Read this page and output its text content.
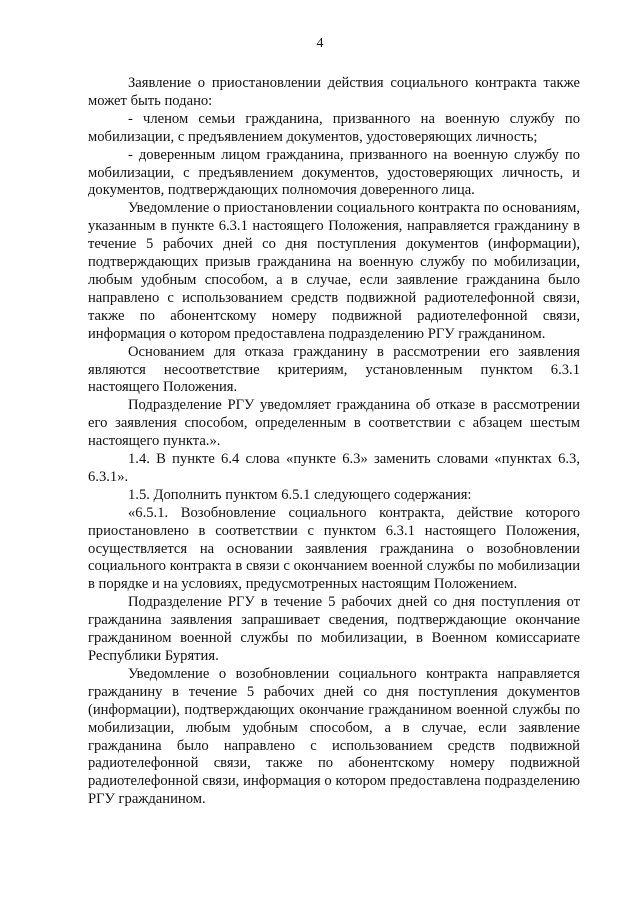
4

Заявление о приостановлении действия социального контракта также может быть подано:

- членом семьи гражданина, призванного на военную службу по мобилизации, с предъявлением документов, удостоверяющих личность;

- доверенным лицом гражданина, призванного на военную службу по мобилизации, с предъявлением документов, удостоверяющих личность, и документов, подтверждающих полномочия доверенного лица.

Уведомление о приостановлении социального контракта по основаниям, указанным в пункте 6.3.1 настоящего Положения, направляется гражданину в течение 5 рабочих дней со дня поступления документов (информации), подтверждающих призыв гражданина на военную службу по мобилизации, любым удобным способом, а в случае, если заявление гражданина было направлено с использованием средств подвижной радиотелефонной связи, также по абонентскому номеру подвижной радиотелефонной связи, информация о котором предоставлена подразделению РГУ гражданином.

Основанием для отказа гражданину в рассмотрении его заявления являются несоответствие критериям, установленным пунктом 6.3.1 настоящего Положения.

Подразделение РГУ уведомляет гражданина об отказе в рассмотрении его заявления способом, определенным в соответствии с абзацем шестым настоящего пункта.».

1.4. В пункте 6.4 слова «пункте 6.3» заменить словами «пунктах 6.3, 6.3.1».

1.5. Дополнить пунктом 6.5.1 следующего содержания:

«6.5.1. Возобновление социального контракта, действие которого приостановлено в соответствии с пунктом 6.3.1 настоящего Положения, осуществляется на основании заявления гражданина о возобновлении социального контракта в связи с окончанием военной службы по мобилизации в порядке и на условиях, предусмотренных настоящим Положением.

Подразделение РГУ в течение 5 рабочих дней со дня поступления от гражданина заявления запрашивает сведения, подтверждающие окончание гражданином военной службы по мобилизации, в Военном комиссариате Республики Бурятия.

Уведомление о возобновлении социального контракта направляется гражданину в течение 5 рабочих дней со дня поступления документов (информации), подтверждающих окончание гражданином военной службы по мобилизации, любым удобным способом, а в случае, если заявление гражданина было направлено с использованием средств подвижной радиотелефонной связи, также по абонентскому номеру подвижной радиотелефонной связи, информация о котором предоставлена подразделению РГУ гражданином.
